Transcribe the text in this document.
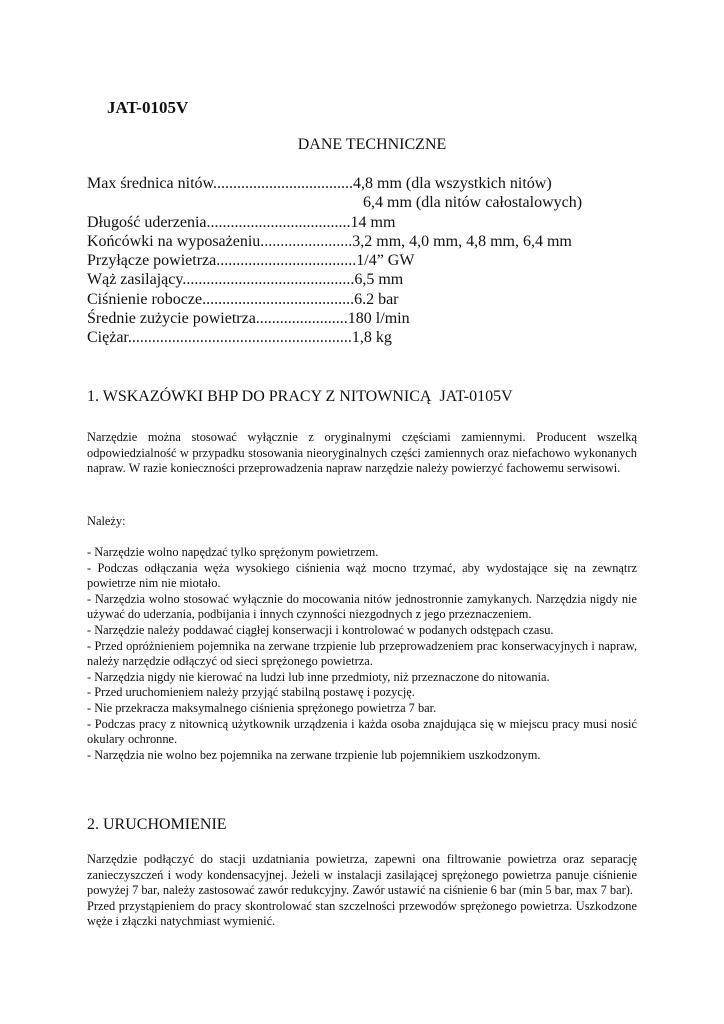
JAT-0105V
DANE TECHNICZNE
Max średnica nitów...................................4,8 mm (dla wszystkich nitów)
6,4 mm (dla nitów całostalowych)
Długość uderzenia....................................14 mm
Końcówki na wyposażeniu.......................3,2 mm, 4,0 mm, 4,8 mm, 6,4 mm
Przyłącze powietrza...................................1/4” GW
Wąż zasilający...........................................6,5 mm
Ciśnienie robocze......................................6.2 bar
Średnie zużycie powietrza.......................180 l/min
Ciężar........................................................1,8 kg
1. WSKAZÓWKI BHP DO PRACY Z NITOWNICĄ  JAT-0105V

Narzędzie można stosować wyłącznie z oryginalnymi częściami zamiennymi. Producent wszelką odpowiedzialność w przypadku stosowania nieoryginalnych części zamiennych oraz niefachowo wykonanych napraw. W razie konieczności przeprowadzenia napraw narzędzie należy powierzyć fachowemu serwisowi.

Należy:

- Narzędzie wolno napędzać tylko sprężonym powietrzem.

- Podczas odłączania węża wysokiego ciśnienia wąż mocno trzymać, aby wydostające się na zewnątrz powietrze nim nie miotało.

- Narzędzia wolno stosować wyłącznie do mocowania nitów jednostronnie zamykanych. Narzędzia nigdy nie używać do uderzania, podbijania i innych czynności niezgodnych z jego przeznaczeniem.

- Narzędzie należy poddawać ciągłej konserwacji i kontrolować w podanych odstępach czasu.

- Przed opróżnieniem pojemnika na zerwane trzpienie lub przeprowadzeniem prac konserwacyjnych i napraw, należy narzędzie odłączyć od sieci sprężonego powietrza.

- Narzędzia nigdy nie kierować na ludzi lub inne przedmioty, niż przeznaczone do nitowania.

- Przed uruchomieniem należy przyjąć stabilną postawę i pozycję.

- Nie przekracza maksymalnego ciśnienia sprężonego powietrza 7 bar.

- Podczas pracy z nitownicą użytkownik urządzenia i każda osoba znajdująca się w miejscu pracy musi nosić okulary ochronne.

- Narzędzia nie wolno bez pojemnika na zerwane trzpienie lub pojemnikiem uszkodzonym.

2. URUCHOMIENIE

Narzędzie podłączyć do stacji uzdatniania powietrza, zapewni ona filtrowanie powietrza oraz separację zanieczyszczeń i wody kondensacyjnej. Jeżeli w instalacji zasilającej sprężonego powietrza panuje ciśnienie powyżej 7 bar, należy zastosować zawór redukcyjny. Zawór ustawić na ciśnienie 6 bar (min 5 bar, max 7 bar).

Przed przystąpieniem do pracy skontrolować stan szczelności przewodów sprężonego powietrza. Uszkodzone węże i złączki natychmiast wymienić.
